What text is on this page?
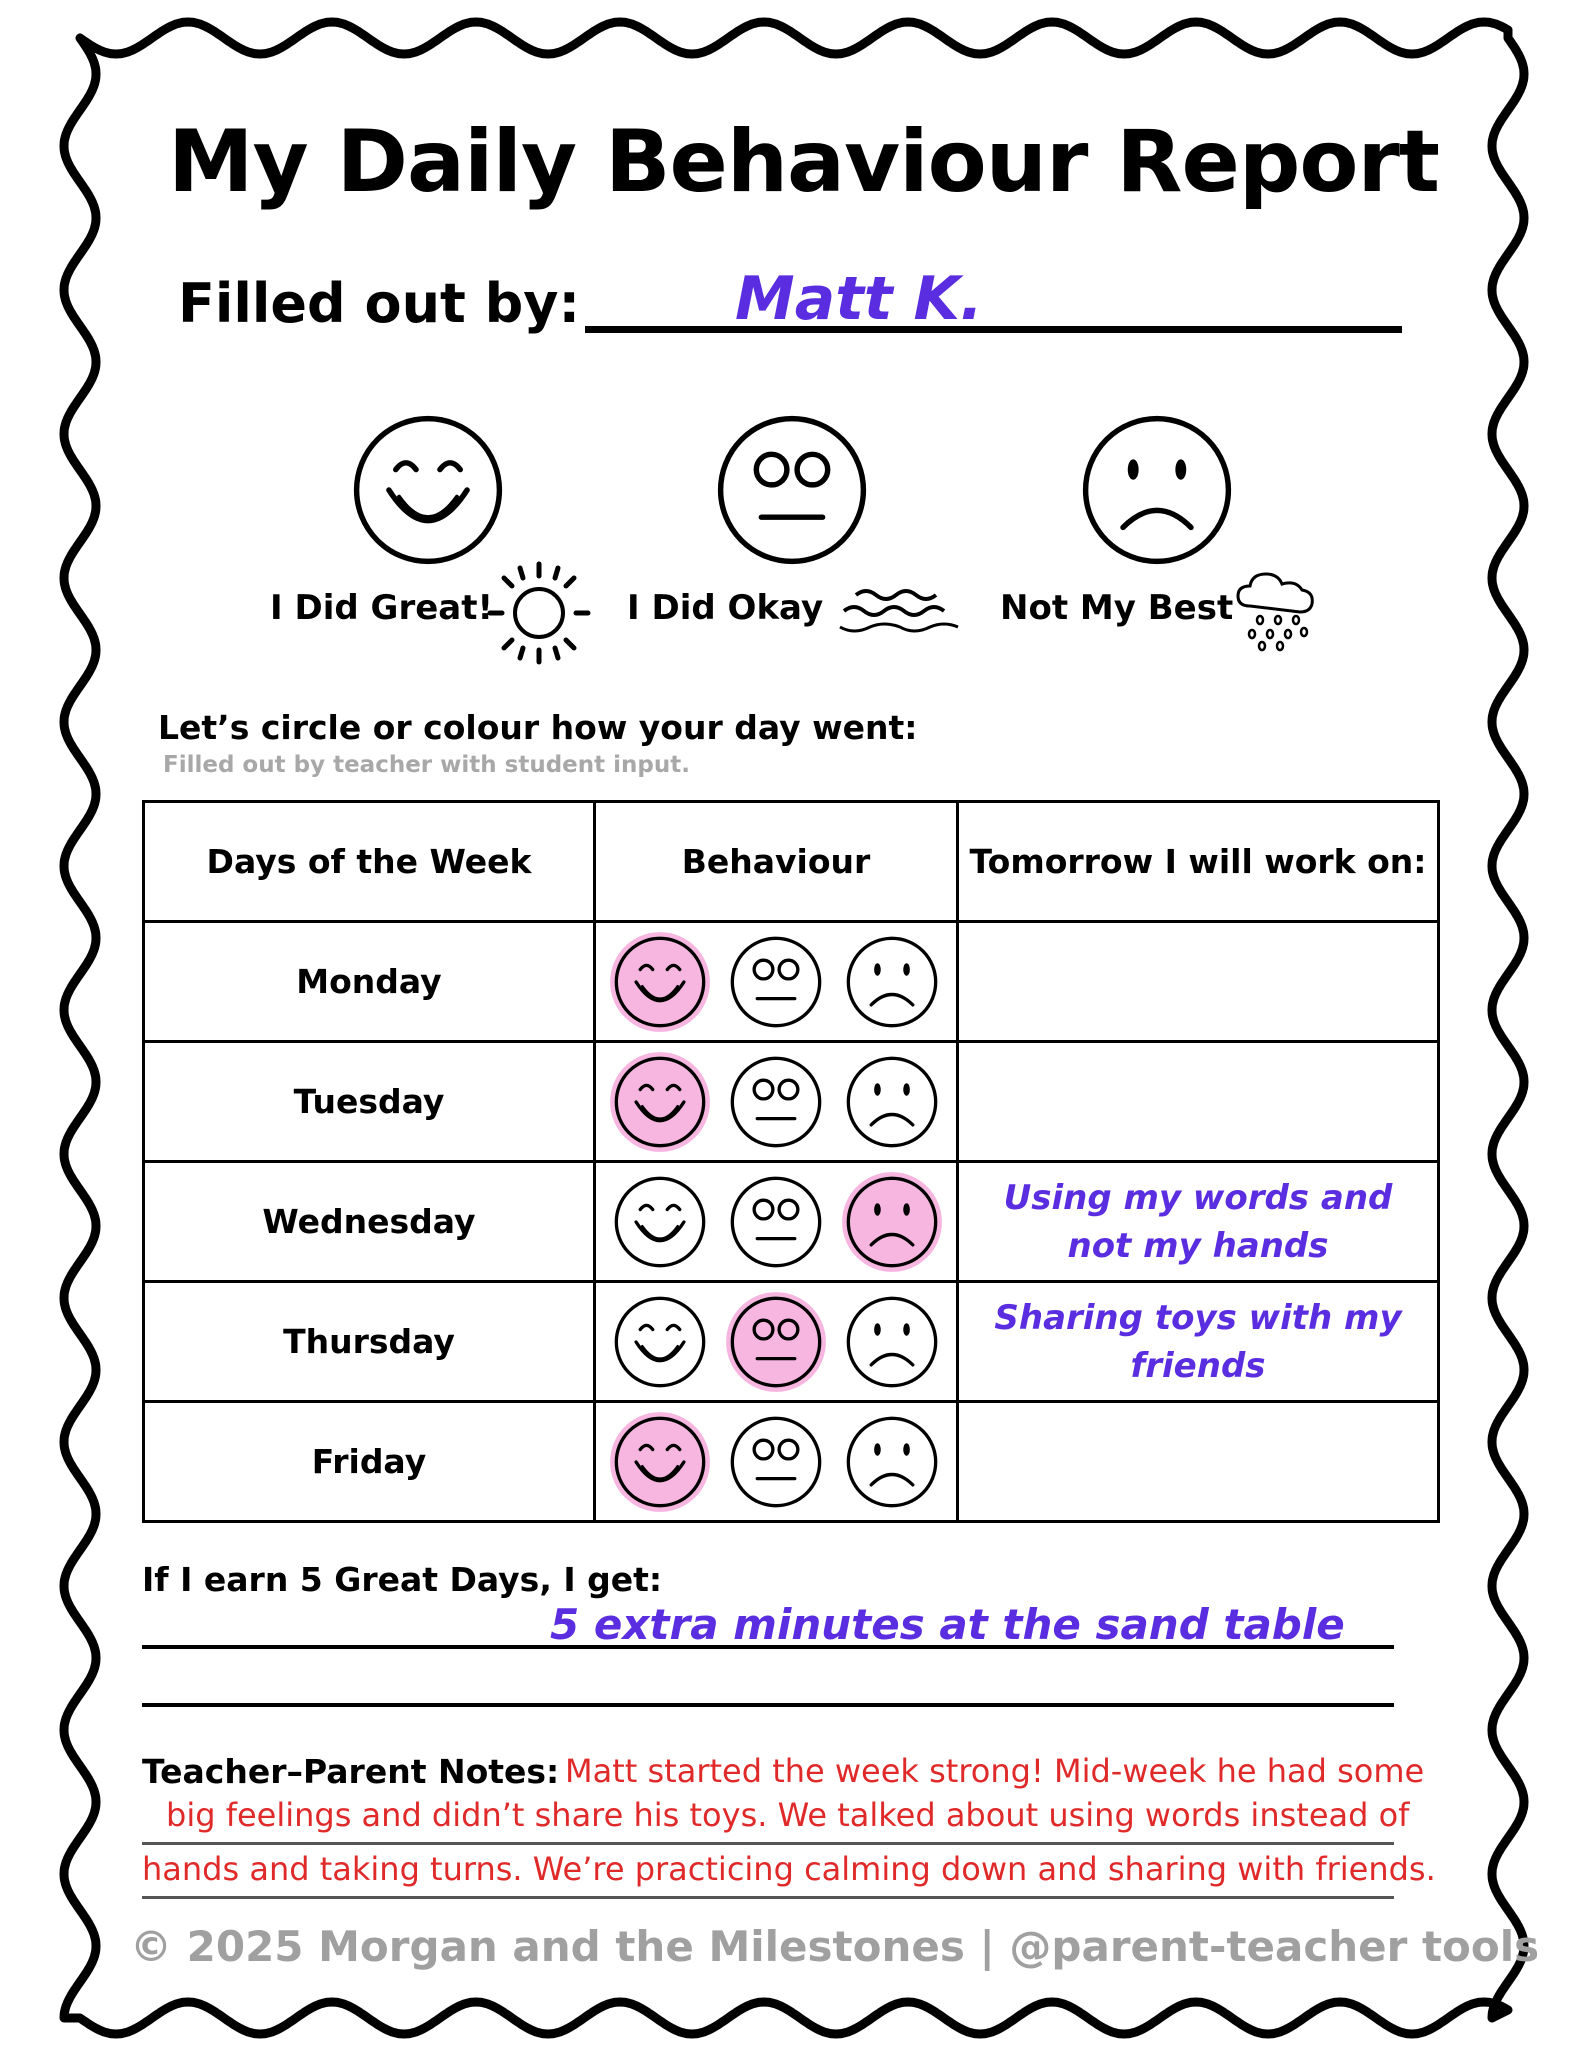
My Daily Behaviour Report
Filled out by:	Matt K.
I Did Great!	I Did Okay	Not My Best
Let’s circle or colour how your day went:
Filled out by teacher with student input.
Days of the Week	Behaviour	Tomorrow I will work on:
Monday	

Tuesday	

Wednesday		Using my words and not my hands
Thursday		Sharing toys with my friends
Friday	

If I earn 5 Great Days, I get:
5 extra minutes at the sand table
Teacher–Parent Notes: Matt started the week strong! Mid-week he had some
big feelings and didn’t share his toys. We talked about using words instead of
hands and taking turns. We’re practicing calming down and sharing with friends.
© 2025 Morgan and the Milestones | @parent-teacher tools
